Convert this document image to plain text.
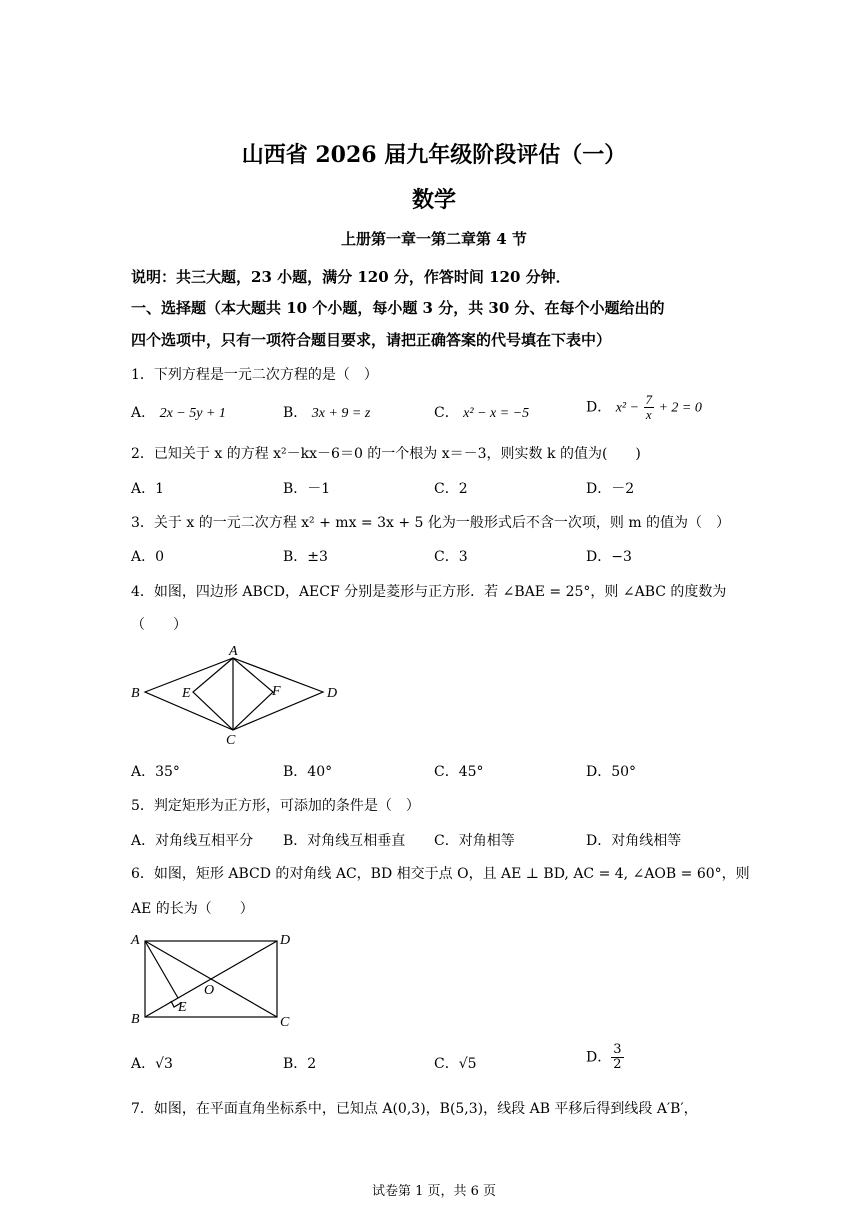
山西省 2026 届九年级阶段评估（一）
数学
上册第一章一第二章第 4 节
说明：共三大题，23 小题，满分 120 分，作答时间 120 分钟．
一、选择题（本大题共 10 个小题，每小题 3 分，共 30 分、在每个小题给出的
四个选项中，只有一项符合题目要求，请把正确答案的代号填在下表中）
1．下列方程是一元二次方程的是（　）
A． 2x − 5y + 1	B． 3x + 9 = z	C． x² − x = −5	D． $x^2 - \frac{7}{x} + 2 = 0$
2．已知关于 x 的方程 x²－kx－6＝0 的一个根为 x＝－3，则实数 k 的值为(　　)
A．1	B．－1	C．2	D．－2
3．关于 x 的一元二次方程 x² + mx = 3x + 5 化为一般形式后不含一次项，则 m 的值为（　）
A．0	B．±3	C．3	D．−3
4．如图，四边形 ABCD，AECF 分别是菱形与正方形．若 ∠BAE = 25°，则 ∠ABC 的度数为
（　　）
A
B
C
D
E	F
A．35°	B．40°	C．45°	D．50°
5．判定矩形为正方形，可添加的条件是（　）
A．对角线互相平分 B．对角线互相垂直 C．对角相等	D．对角线相等
6．如图，矩形 ABCD 的对角线 AC，BD 相交于点 O，且 AE ⊥ BD, AC = 4, ∠AOB = 60°，则
AE 的长为（　　）
A
B	C
D
O
E
A．√3	B．2	C．√5	D． $\frac{3}{2}$
7．如图，在平面直角坐标系中，已知点 A(0,3)，B(5,3)，线段 AB 平移后得到线段 A′B′，
试卷第 1 页，共 6 页
